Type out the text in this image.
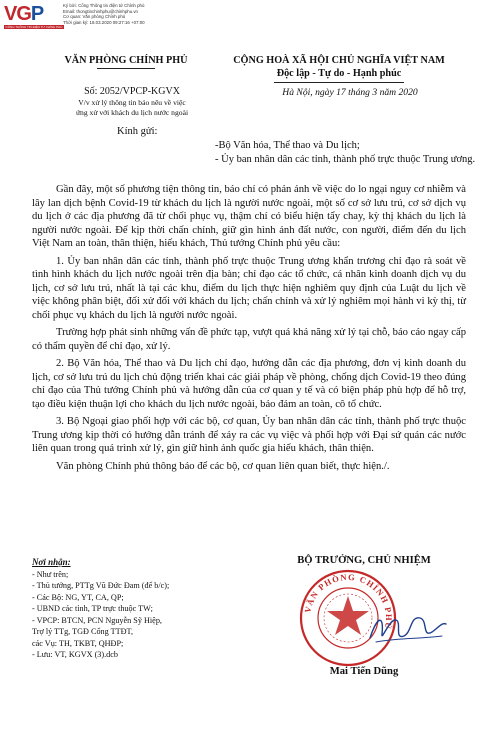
VGP
CỔNG THÔNG TIN ĐIỆN TỬ CHÍNH PHỦ
Ký bởi: Cổng Thông tin điện tử Chính phủ
Email: thongtinchinhphu@chinhphu.vn
Cơ quan: Văn phòng Chính phủ
Thời gian ký: 18.03.2020 09:27:16 +07:00
VĂN PHÒNG CHÍNH PHỦ	CỘNG HOÀ XÃ HỘI CHỦ NGHĨA VIỆT NAM
Độc lập - Tự do - Hạnh phúc
Số: 2052/VPCP-KGVX
V/v xử lý thông tin báo nêu về việc
ứng xử với khách du lịch nước ngoài
Hà Nội, ngày 17 tháng 3 năm 2020
Kính gửi:
-Bộ Văn hóa, Thể thao và Du lịch;
- Ủy ban nhân dân các tỉnh, thành phố trực thuộc Trung ương.

Gần đây, một số phương tiện thông tin, báo chí có phản ánh về việc do lo ngại nguy cơ nhiễm và lây lan dịch bệnh Covid-19 từ khách du lịch là người nước ngoài, một số cơ sở lưu trú, cơ sở dịch vụ du lịch ở các địa phương đã từ chối phục vụ, thậm chí có biểu hiện tẩy chay, kỳ thị khách du lịch là người nước ngoài. Để kịp thời chấn chỉnh, giữ gìn hình ảnh đất nước, con người, điểm đến du lịch Việt Nam an toàn, thân thiện, hiếu khách, Thủ tướng Chính phủ yêu cầu:

1. Ủy ban nhân dân các tỉnh, thành phố trực thuộc Trung ương khẩn trương chỉ đạo rà soát về tình hình khách du lịch nước ngoài trên địa bàn; chỉ đạo các tổ chức, cá nhân kinh doanh dịch vụ du lịch, cơ sở lưu trú, nhất là tại các khu, điểm du lịch thực hiện nghiêm quy định của Luật du lịch về việc không phân biệt, đối xử đối với khách du lịch; chấn chỉnh và xử lý nghiêm mọi hành vi kỳ thị, từ chối phục vụ khách du lịch là người nước ngoài.

Trường hợp phát sinh những vấn đề phức tạp, vượt quá khả năng xử lý tại chỗ, báo cáo ngay cấp có thẩm quyền để chỉ đạo, xử lý.

2. Bộ Văn hóa, Thể thao và Du lịch chỉ đạo, hướng dẫn các địa phương, đơn vị kinh doanh du lịch, cơ sở lưu trú du lịch chủ động triển khai các giải pháp về phòng, chống dịch Covid-19 theo đúng chỉ đạo của Thủ tướng Chính phủ và hướng dẫn của cơ quan y tế và có biện pháp phù hợp để hỗ trợ, tạo điều kiện thuận lợi cho khách du lịch nước ngoài, bảo đảm an toàn, cô tổ chức.

3. Bộ Ngoại giao phối hợp với các bộ, cơ quan, Ủy ban nhân dân các tỉnh, thành phố trực thuộc Trung ương kịp thời có hướng dẫn tránh để xảy ra các vụ việc và phối hợp với Đại sứ quán các nước liên quan trong quá trình xử lý, gìn giữ hình ảnh quốc gia hiếu khách, thân thiện.

Văn phòng Chính phủ thông báo để các bộ, cơ quan liên quan biết, thực hiện./.

Nơi nhận:
- Như trên;
- Thủ tướng, PTTg Vũ Đức Đam (để b/c);
- Các Bộ: NG, YT, CA, QP;
- UBND các tỉnh, TP trực thuộc TW;
- VPCP: BTCN, PCN Nguyễn Sỹ Hiệp,
Trợ lý TTg, TGĐ Cổng TTĐT,
các Vụ: TH, TKBT, QHĐP;
- Lưu: VT, KGVX (3).dcb
BỘ TRƯỞNG, CHỦ NHIỆM
VĂN PHÒNG CHÍNH PHỦ
Mai Tiến Dũng
